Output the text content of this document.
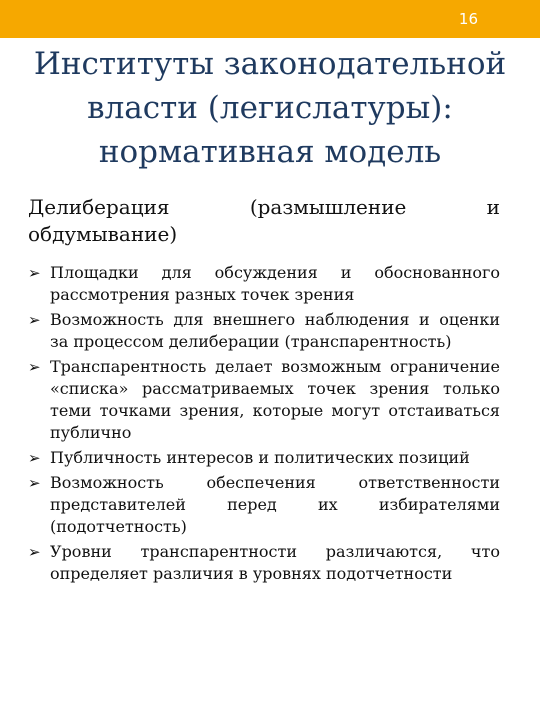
16
Институты законодательной власти (легислатуры): нормативная модель

Делиберация (размышление и обдумывание)

➢ Площадки для обсуждения и обоснованного рассмотрения разных точек зрения
➢ Возможность для внешнего наблюдения и оценки за процессом делиберации (транспарентность)
➢ Транспарентность делает возможным ограничение «списка» рассматриваемых точек зрения только теми точками зрения, которые могут отстаиваться публично
➢ Публичность интересов и политических позиций
➢ Возможность обеспечения ответственности представителей перед их избирателями (подотчетность)
➢ Уровни транспарентности различаются, что определяет различия в уровнях подотчетности
